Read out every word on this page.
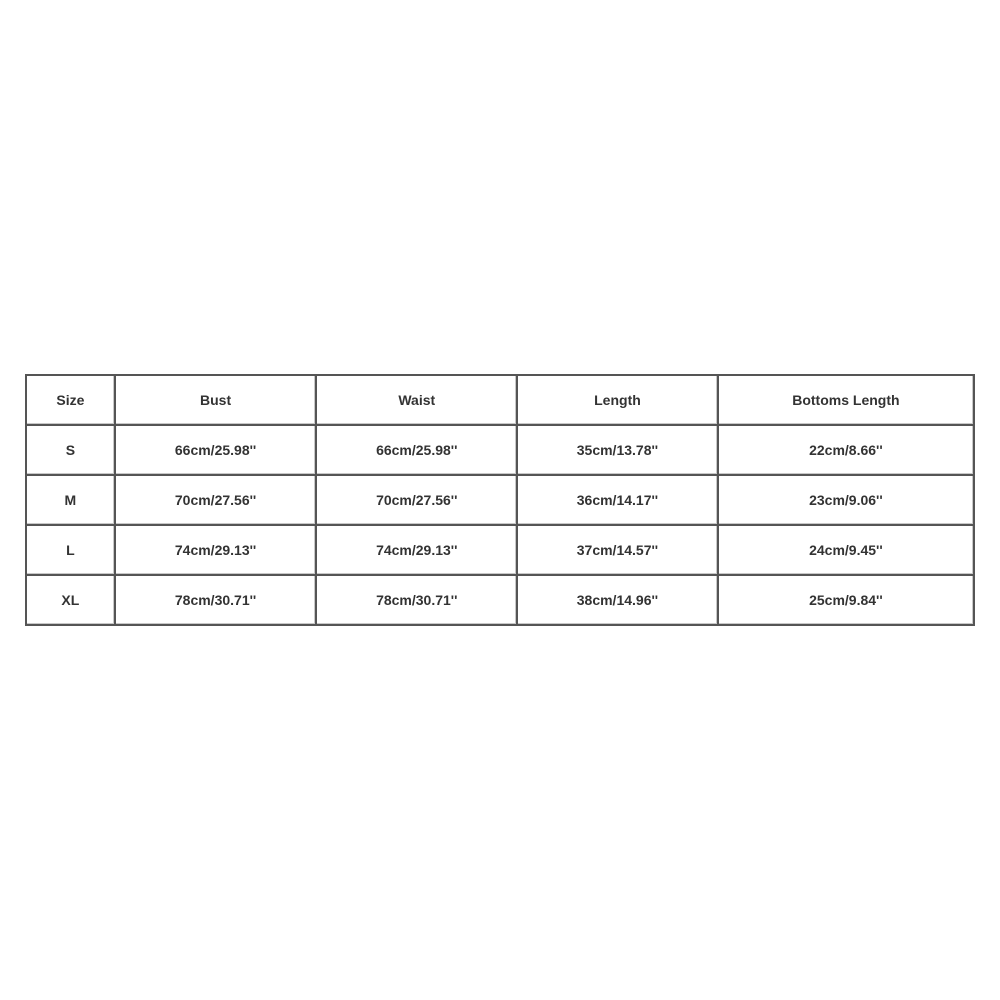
Size	Bust	Waist	Length	Bottoms Length
S	66cm/25.98''	66cm/25.98''	35cm/13.78''	22cm/8.66''
M	70cm/27.56''	70cm/27.56''	36cm/14.17''	23cm/9.06''
L	74cm/29.13''	74cm/29.13''	37cm/14.57''	24cm/9.45''
XL	78cm/30.71''	78cm/30.71''	38cm/14.96''	25cm/9.84''
